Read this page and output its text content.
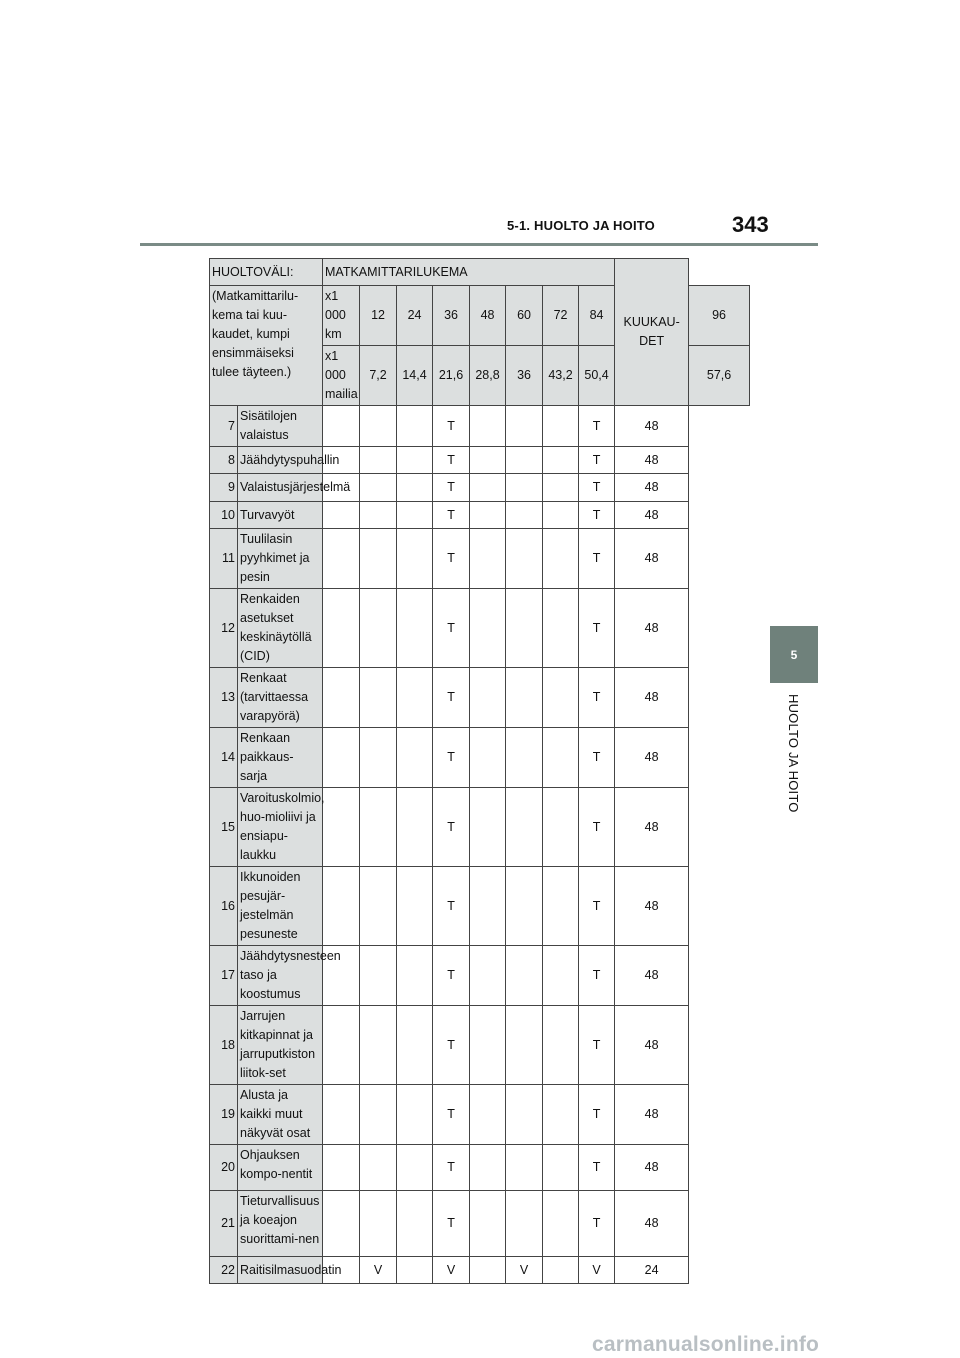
5-1. HUOLTO JA HOITO	343
5
HUOLTO JA HOITO
HUOLTOVÄLI:		MATKAMITTARILUKEMA								KUUKAU-DET	
(Matkamittarilu-kema tai kuu-kaudet, kumpi ensimmäiseksi tulee täyteen.)		x1 000 km	12	24	36	48	60	72	84		96
		x1 000 mailia	7,2	14,4	21,6	28,8	36	43,2	50,4		57,6
7	Sisätilojen valaistus				T				T	48	
8	Jäähdytyspuhallin				T				T	48	
9	Valaistusjärjestelmä				T				T	48	
10	Turvavyöt				T				T	48	
11	Tuulilasin pyyhkimet ja pesin				T				T	48	
12	Renkaiden asetukset keskinäytöllä (CID)				T				T	48	
13	Renkaat (tarvittaessa varapyörä)				T				T	48	
14	Renkaan paikkaus-sarja				T				T	48	
15	Varoituskolmio, huo-mioliivi ja ensiapu-laukku				T				T	48	
16	Ikkunoiden pesujär-jestelmän pesuneste				T				T	48	
17	Jäähdytysnesteen taso ja koostumus				T				T	48	
18	Jarrujen kitkapinnat ja jarruputkiston liitok-set				T				T	48	
19	Alusta ja kaikki muut näkyvät osat				T				T	48	
20	Ohjauksen kompo-nentit				T				T	48	
21	Tieturvallisuus ja koeajon suorittami-nen				T				T	48	
22	Raitisilmasuodatin		V		V		V		V	24	
carmanualsonline.info
